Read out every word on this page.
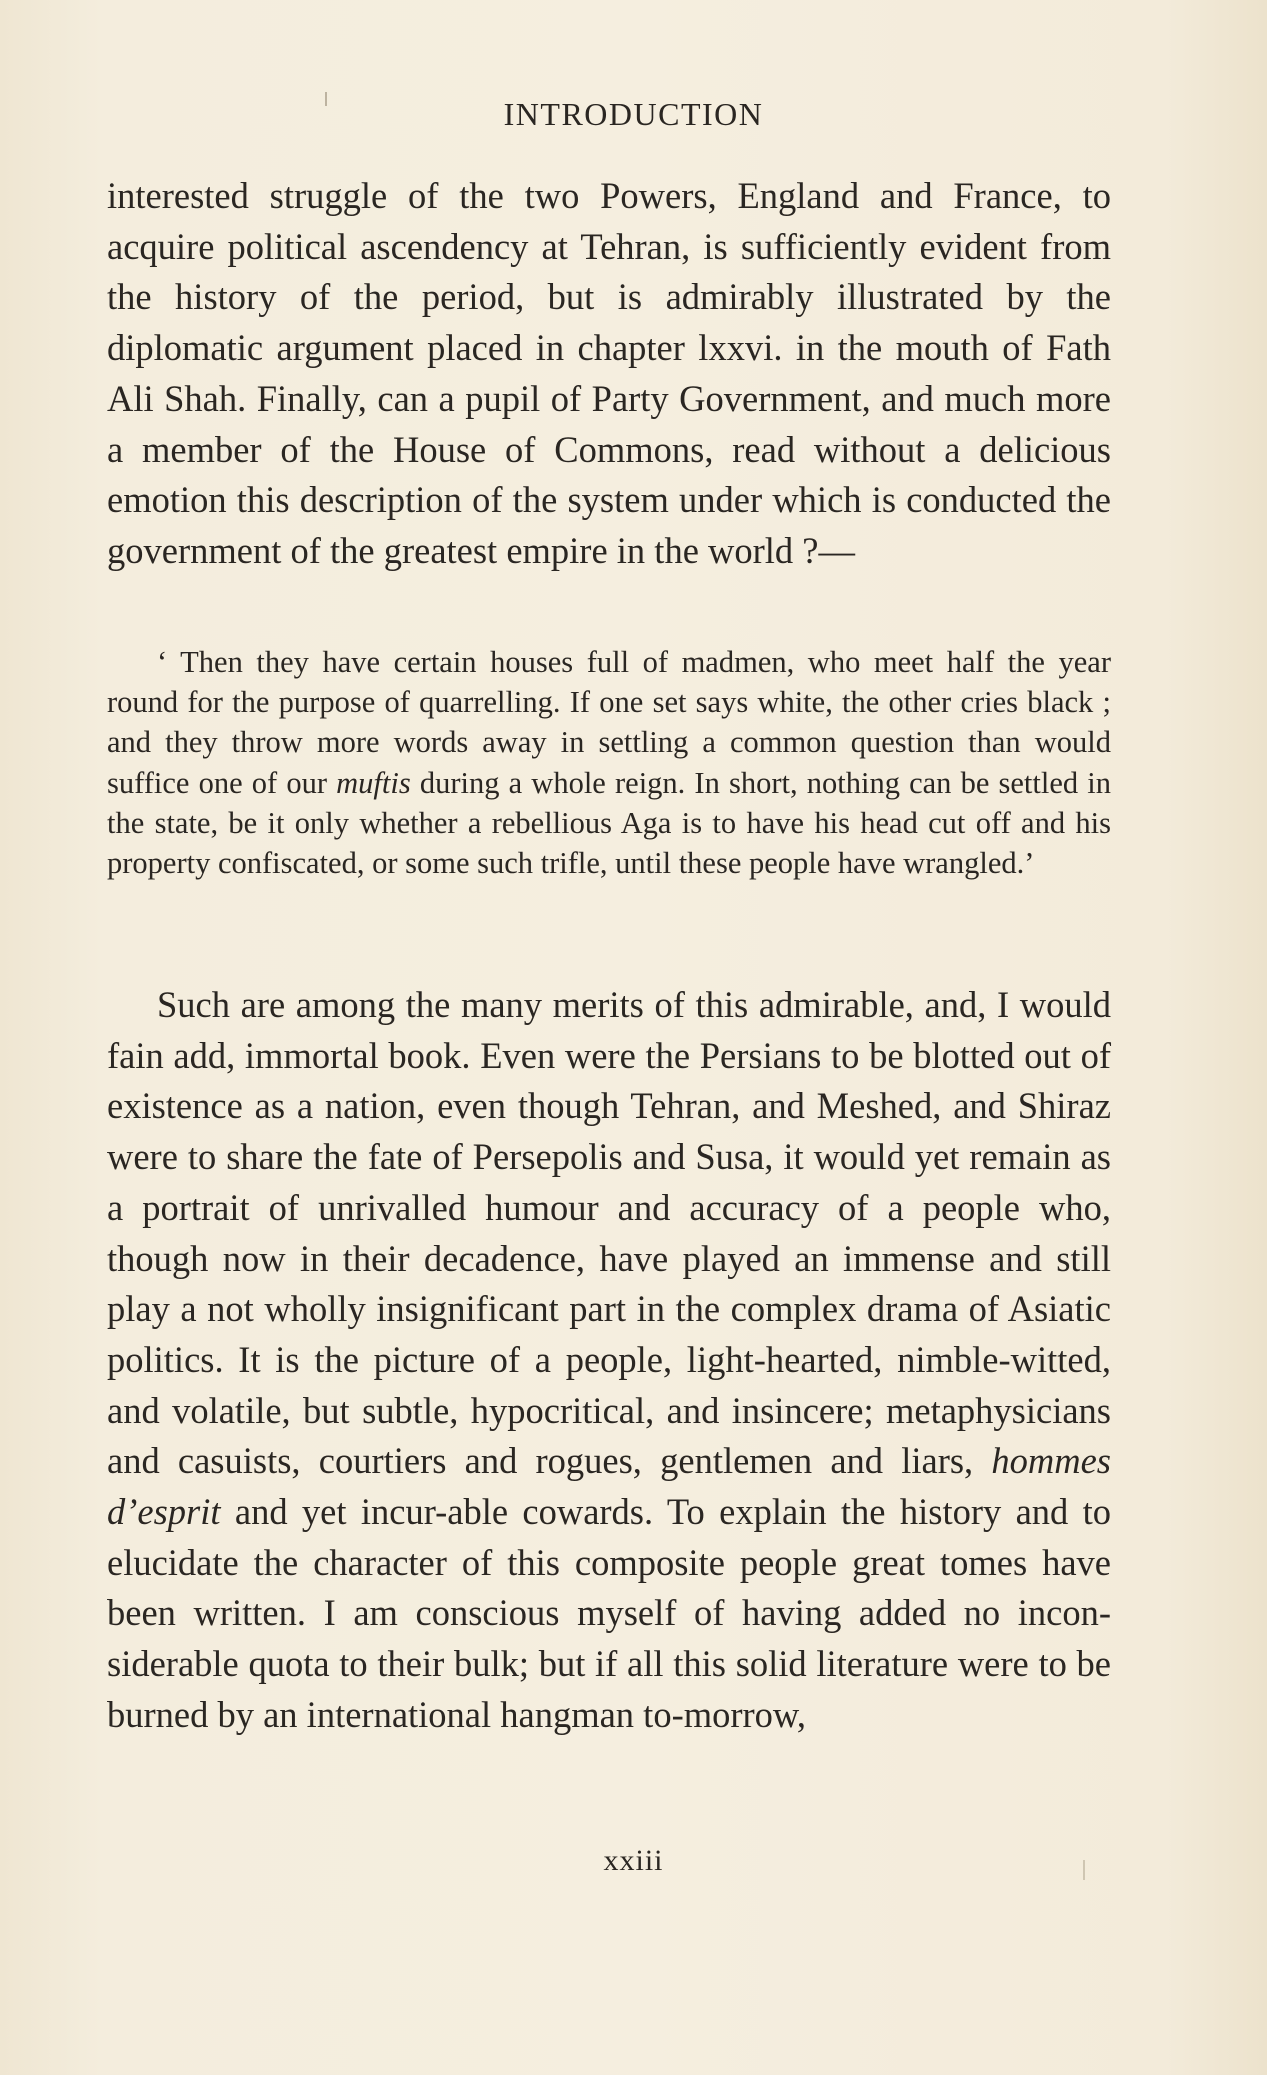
INTRODUCTION

interested struggle of the two Powers, England and France, to acquire political ascendency at Tehran, is sufficiently evident from the history of the period, but is admirably illustrated by the diplomatic argument placed in chapter lxxvi. in the mouth of Fath Ali Shah. Finally, can a pupil of Party Government, and much more a member of the House of Commons, read without a delicious emotion this description of the system under which is conducted the government of the greatest empire in the world ?—

‘ Then they have certain houses full of madmen, who meet half the year round for the purpose of quarrelling. If one set says white, the other cries black ; and they throw more words away in settling a common question than would suffice one of our muftis during a whole reign. In short, nothing can be settled in the state, be it only whether a rebellious Aga is to have his head cut off and his property confiscated, or some such trifle, until these people have wrangled.’

Such are among the many merits of this admirable, and, I would fain add, immortal book. Even were the Persians to be blotted out of existence as a nation, even though Tehran, and Meshed, and Shiraz were to share the fate of Persepolis and Susa, it would yet remain as a portrait of unrivalled humour and accuracy of a people who, though now in their decadence, have played an immense and still play a not wholly insignificant part in the complex drama of Asiatic politics. It is the picture of a people, light-hearted, nimble-witted, and volatile, but subtle, hypocritical, and insincere; metaphysicians and casuists, courtiers and rogues, gentlemen and liars, hommes d’esprit and yet incur-able cowards. To explain the history and to elucidate the character of this composite people great tomes have been written. I am conscious myself of having added no incon-siderable quota to their bulk; but if all this solid literature were to be burned by an international hangman to-morrow,

xxiii
